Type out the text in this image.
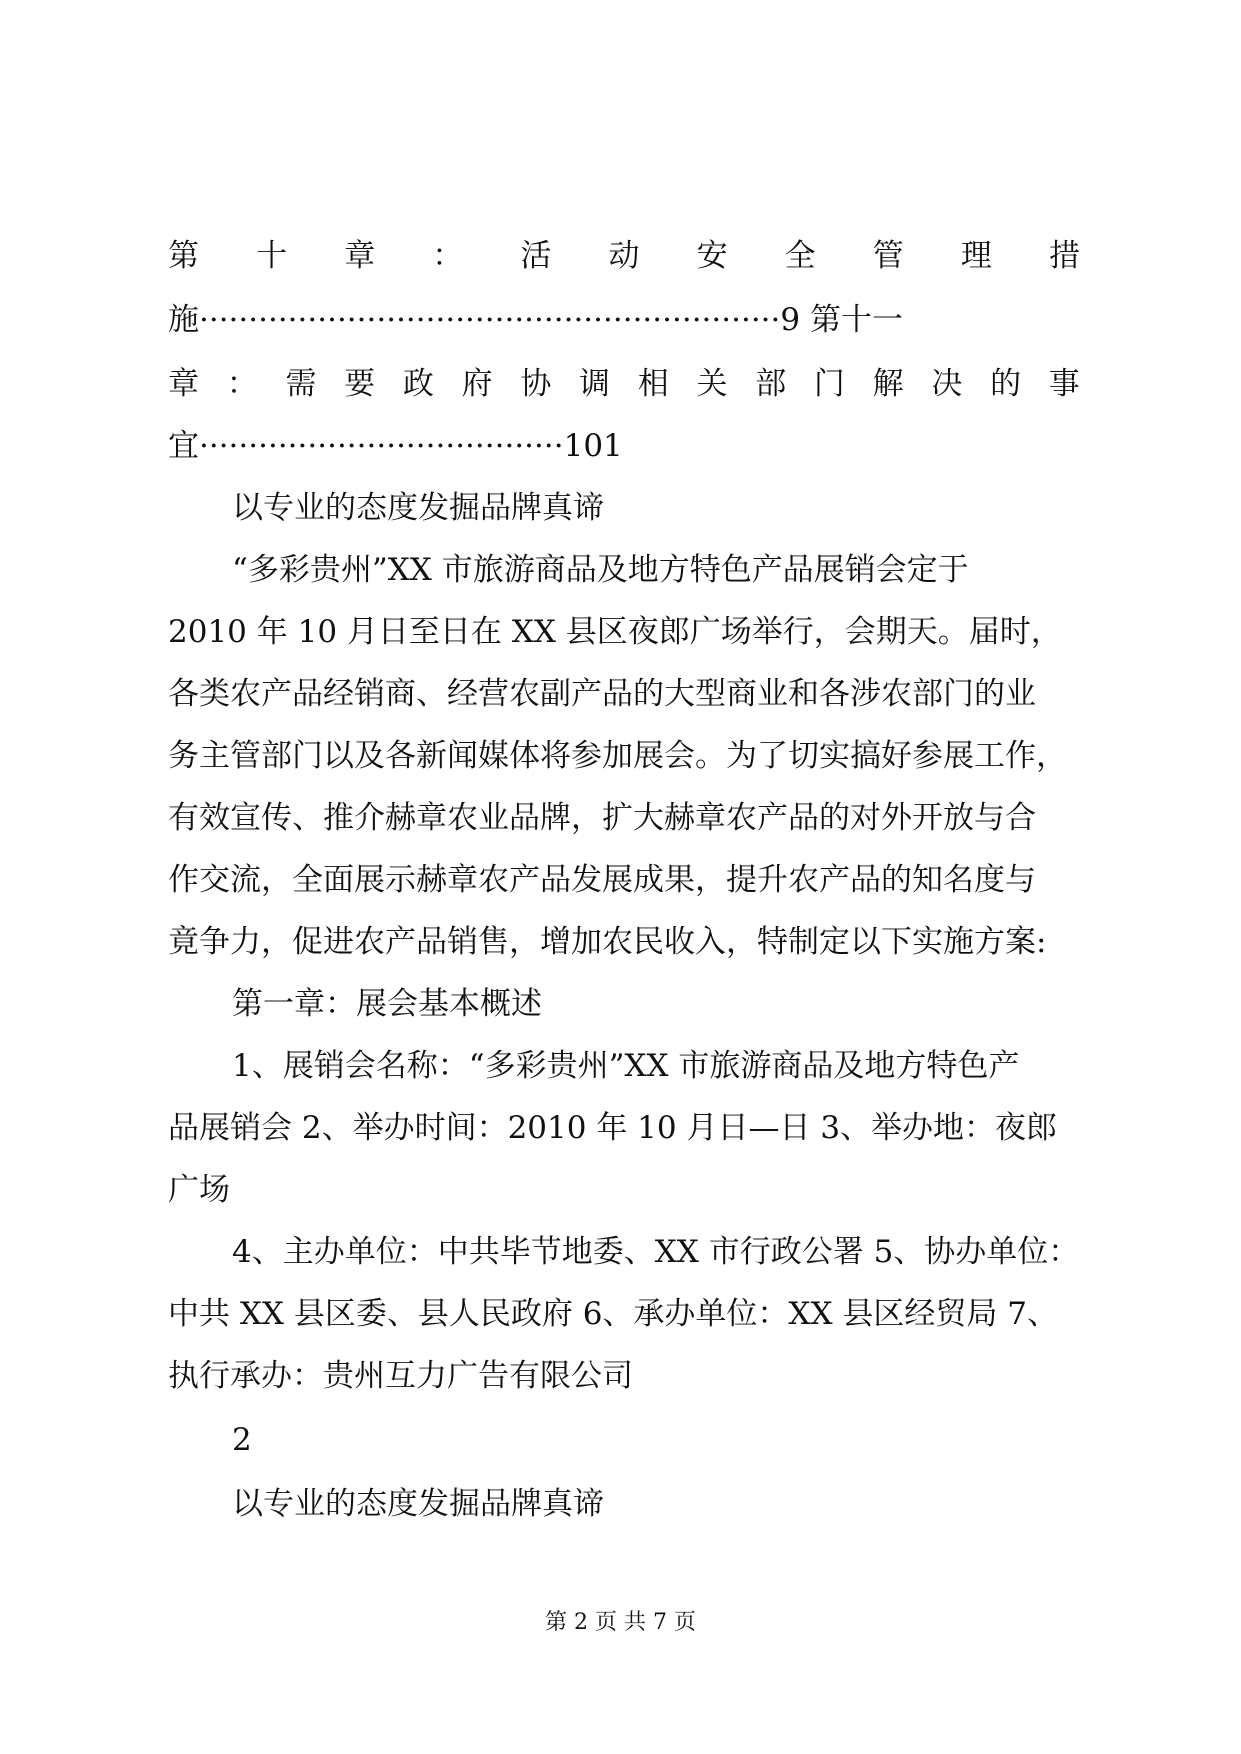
第 十 章 ： 活 动 安 全 管 理 措
施···························································9 第十一
章 ： 需 要 政 府 协 调 相 关 部 门 解 决 的 事
宜·····································101
以专业的态度发掘品牌真谛
“多彩贵州”XX 市旅游商品及地方特色产品展销会定于
2010 年 10 月日至日在 XX 县区夜郎广场举行，会期天。届时，
各类农产品经销商、经营农副产品的大型商业和各涉农部门的业
务主管部门以及各新闻媒体将参加展会。为了切实搞好参展工作，
有效宣传、推介赫章农业品牌，扩大赫章农产品的对外开放与合
作交流，全面展示赫章农产品发展成果，提升农产品的知名度与
竟争力，促进农产品销售，增加农民收入，特制定以下实施方案:
第一章：展会基本概述
1、展销会名称：“多彩贵州”XX 市旅游商品及地方特色产
品展销会 2、举办时间：2010 年 10 月日—日 3、举办地：夜郎
广场
4、主办单位：中共毕节地委、XX 市行政公署 5、协办单位：
中共 XX 县区委、县人民政府 6、承办单位：XX 县区经贸局 7、
执行承办：贵州互力广告有限公司
2
以专业的态度发掘品牌真谛
第 2 页 共 7 页
